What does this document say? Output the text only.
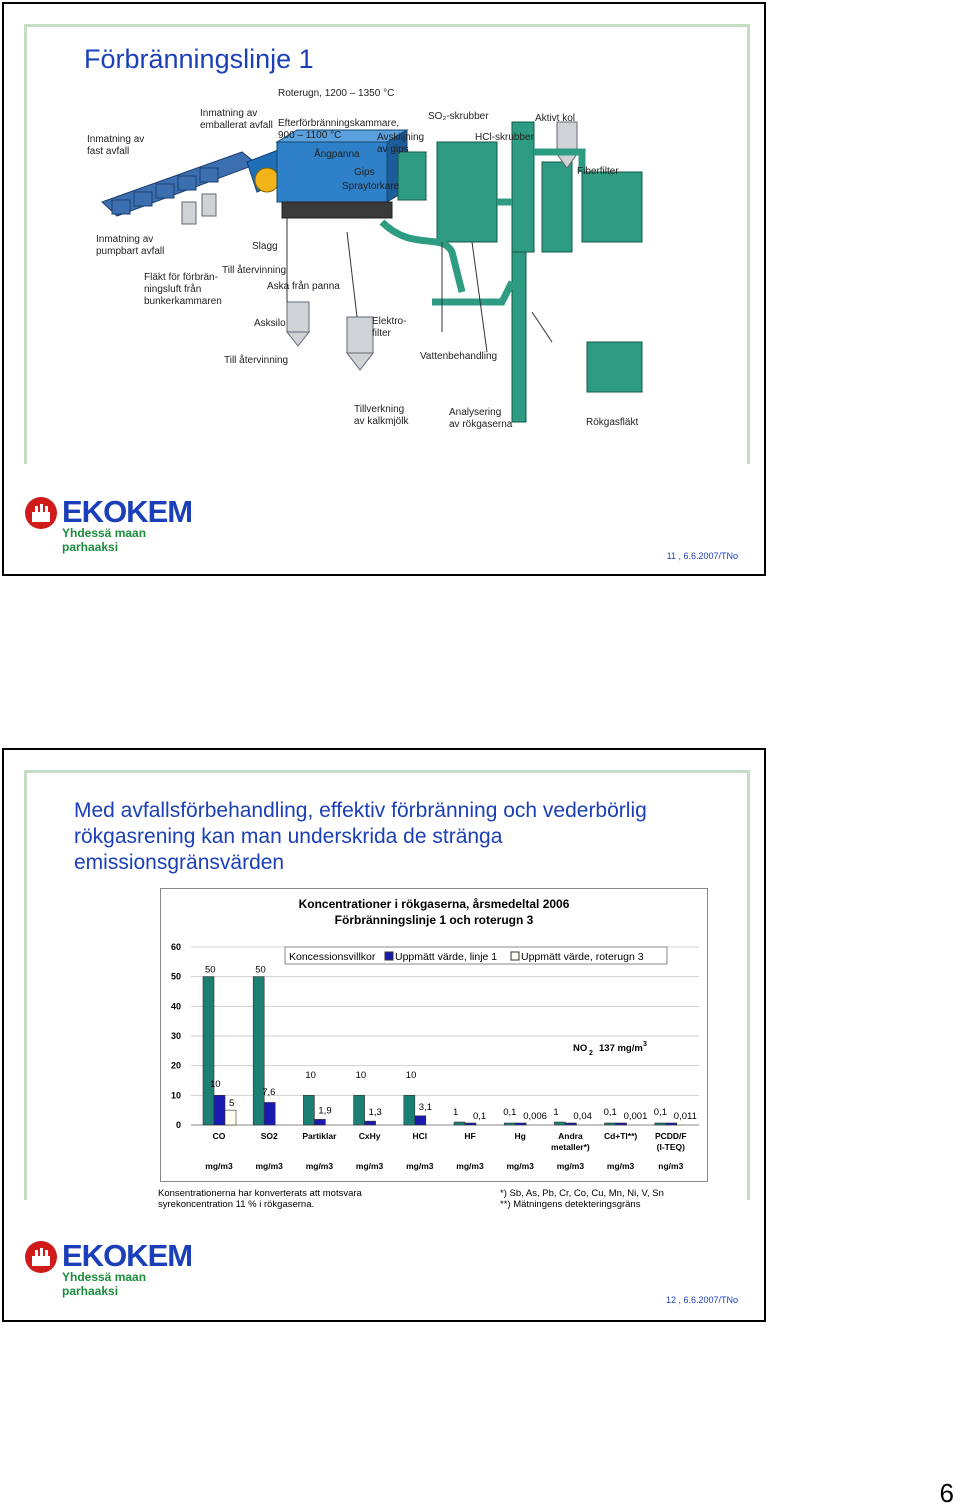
Förbränningslinje 1
Inmatning av fast avfall
Inmatning av emballerat avfall
Roterugn, 1200 – 1350 °C
Efterförbränningskammare, 900 – 1100 °C
SO₂-skrubber	Aktivt kol
Avskiljning av gips
HCl-skrubber
Ångpanna
Gips
Spraytorkare
Fiberfilter
Inmatning av pumpbart avfall	Slagg
Fläkt för förbrän-ningsluft från bunkerkammaren
Till återvinning
Aska från panna
Asksilo	Elektro-filter
Vattenbehandling
Till återvinning
Tillverkning av kalkmjölk
Analysering av rökgaserna	Rökgasfläkt
EKOKEM
Yhdessä maan parhaaksi
11 , 6.6.2007/TNo
Med avfallsförbehandling, effektiv förbränning och vederbörlig rökgasrening kan man underskrida de stränga emissionsgränsvärden
Koncentrationer i rökgaserna, årsmedeltal 2006
Förbränningslinje 1 och roterugn 3
60
50
40
30
20
10
0
Koncessionsvillkor Uppmätt värde, linje 1 Uppmätt värde, roterugn 3
50
10
5
CO
mg/m3
50
7,6
SO2
mg/m3
10
1,9
Partiklar
mg/m3
10
1,3
CxHy
mg/m3
10
3,1
HCl
mg/m3
1 0,1
HF
mg/m3
0,1 0,006
Hg
mg/m3
1 0,04
Andra
metaller*)
mg/m3
0,1 0,001
Cd+Tl**)
mg/m3
0,1 0,011
PCDD/F
(I-TEQ)
ng/m3
NO 2 137 mg/m 3
Konsentrationerna har konverterats att motsvara
syrekoncentration 11 % i rökgaserna.
*) Sb, As, Pb, Cr, Co, Cu, Mn, Ni, V, Sn
**) Mätningens detekteringsgräns
EKOKEM
Yhdessä maan parhaaksi
12 , 6.6.2007/TNo
6
